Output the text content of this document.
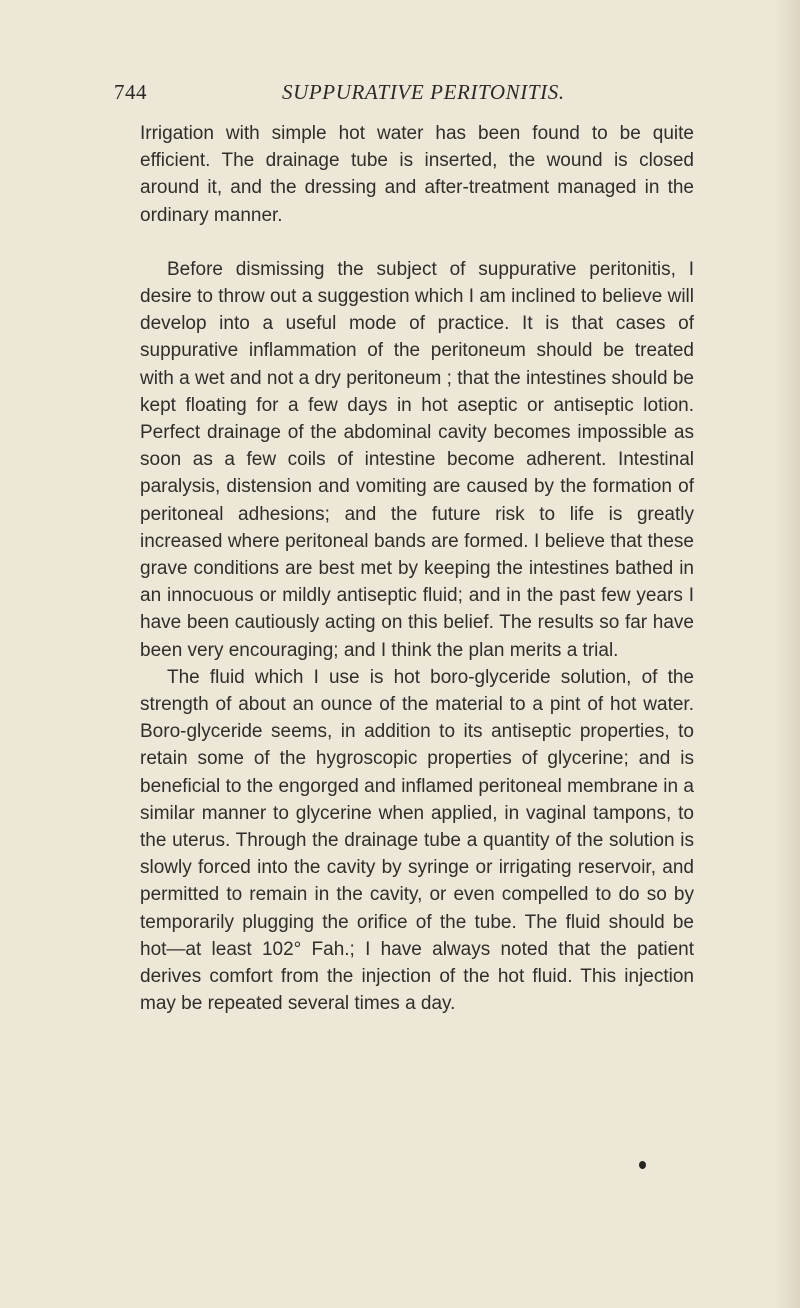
744	SUPPURATIVE PERITONITIS.

Irrigation with simple hot water has been found to be quite efficient. The drainage tube is inserted, the wound is closed around it, and the dressing and after-treatment managed in the ordinary manner.

Before dismissing the subject of suppurative peritonitis, I desire to throw out a suggestion which I am inclined to believe will develop into a useful mode of practice. It is that cases of suppurative inflammation of the peritoneum should be treated with a wet and not a dry peritoneum ; that the intestines should be kept floating for a few days in hot aseptic or antiseptic lotion. Perfect drainage of the abdominal cavity becomes impossible as soon as a few coils of intestine become adherent. Intestinal paralysis, distension and vomiting are caused by the formation of peritoneal adhesions; and the future risk to life is greatly increased where peritoneal bands are formed. I believe that these grave conditions are best met by keeping the intestines bathed in an innocuous or mildly antiseptic fluid; and in the past few years I have been cautiously acting on this belief. The results so far have been very encouraging; and I think the plan merits a trial.

The fluid which I use is hot boro-glyceride solution, of the strength of about an ounce of the material to a pint of hot water. Boro-glyceride seems, in addition to its antiseptic properties, to retain some of the hygroscopic properties of glycerine; and is beneficial to the engorged and inflamed peritoneal membrane in a similar manner to glycerine when applied, in vaginal tampons, to the uterus. Through the drainage tube a quantity of the solution is slowly forced into the cavity by syringe or irrigating reservoir, and permitted to remain in the cavity, or even compelled to do so by temporarily plugging the orifice of the tube. The fluid should be hot—at least 102° Fah.; I have always noted that the patient derives comfort from the injection of the hot fluid. This injection may be repeated several times a day.
